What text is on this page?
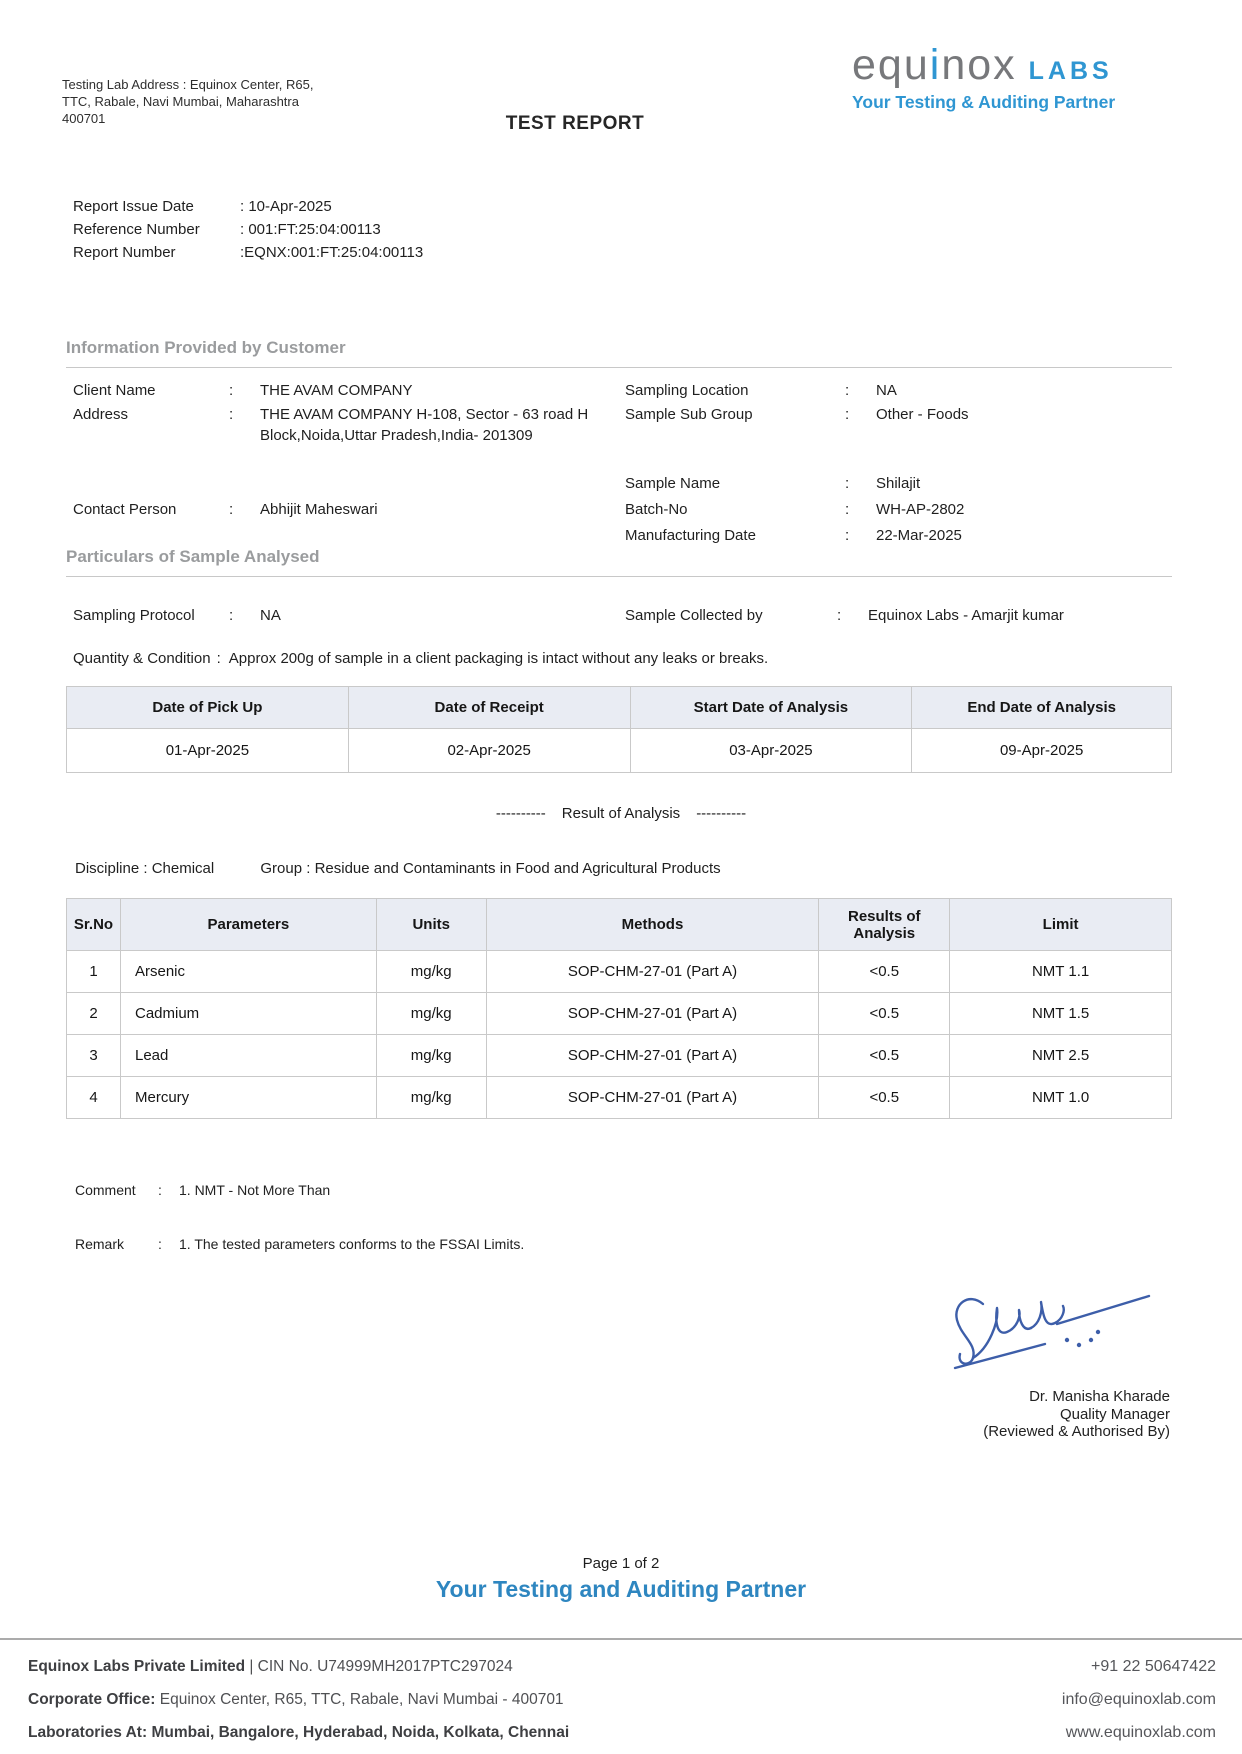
Testing Lab Address : Equinox Center, R65,
TTC, Rabale, Navi Mumbai, Maharashtra
400701
equinox LABS
Your Testing & Auditing Partner
TEST REPORT
Report Issue Date	: 10-Apr-2025
Reference Number	: 001:FT:25:04:00113
Report Number	:EQNX:001:FT:25:04:00113
Information Provided by Customer
Client Name	:	THE AVAM COMPANY
Address	:	THE AVAM COMPANY H-108, Sector - 63 road H Block,Noida,Uttar Pradesh,India- 201309
Contact Person	:	Abhijit Maheswari
Sampling Location	:	NA
Sample Sub Group	:	Other - Foods
Sample Name	:	Shilajit
Batch-No	:	WH-AP-2802
Manufacturing Date	:	22-Mar-2025
Particulars of Sample Analysed
Sampling Protocol	:	NA	Sample Collected by	:	Equinox Labs - Amarjit kumar
Quantity & Condition : Approx 200g of sample in a client packaging is intact without any leaks or breaks.
Date of Pick Up	Date of Receipt	Start Date of Analysis	End Date of Analysis
01-Apr-2025	02-Apr-2025	03-Apr-2025	09-Apr-2025
---------- Result of Analysis ----------
Discipline : Chemical	Group : Residue and Contaminants in Food and Agricultural Products
Sr.No	Parameters	Units	Methods	Results of Analysis	Limit
1	Arsenic	mg/kg	SOP-CHM-27-01 (Part A)	<0.5	NMT 1.1
2	Cadmium	mg/kg	SOP-CHM-27-01 (Part A)	<0.5	NMT 1.5
3	Lead	mg/kg	SOP-CHM-27-01 (Part A)	<0.5	NMT 2.5
4	Mercury	mg/kg	SOP-CHM-27-01 (Part A)	<0.5	NMT 1.0
Comment	:	1. NMT - Not More Than
Remark	:	1. The tested parameters conforms to the FSSAI Limits.
Dr. Manisha Kharade
Quality Manager
(Reviewed & Authorised By)
Page 1 of 2
Your Testing and Auditing Partner
Equinox Labs Private Limited | CIN No. U74999MH2017PTC297024
Corporate Office: Equinox Center, R65, TTC, Rabale, Navi Mumbai - 400701
Laboratories At: Mumbai, Bangalore, Hyderabad, Noida, Kolkata, Chennai
+91 22 50647422
info@equinoxlab.com
www.equinoxlab.com
